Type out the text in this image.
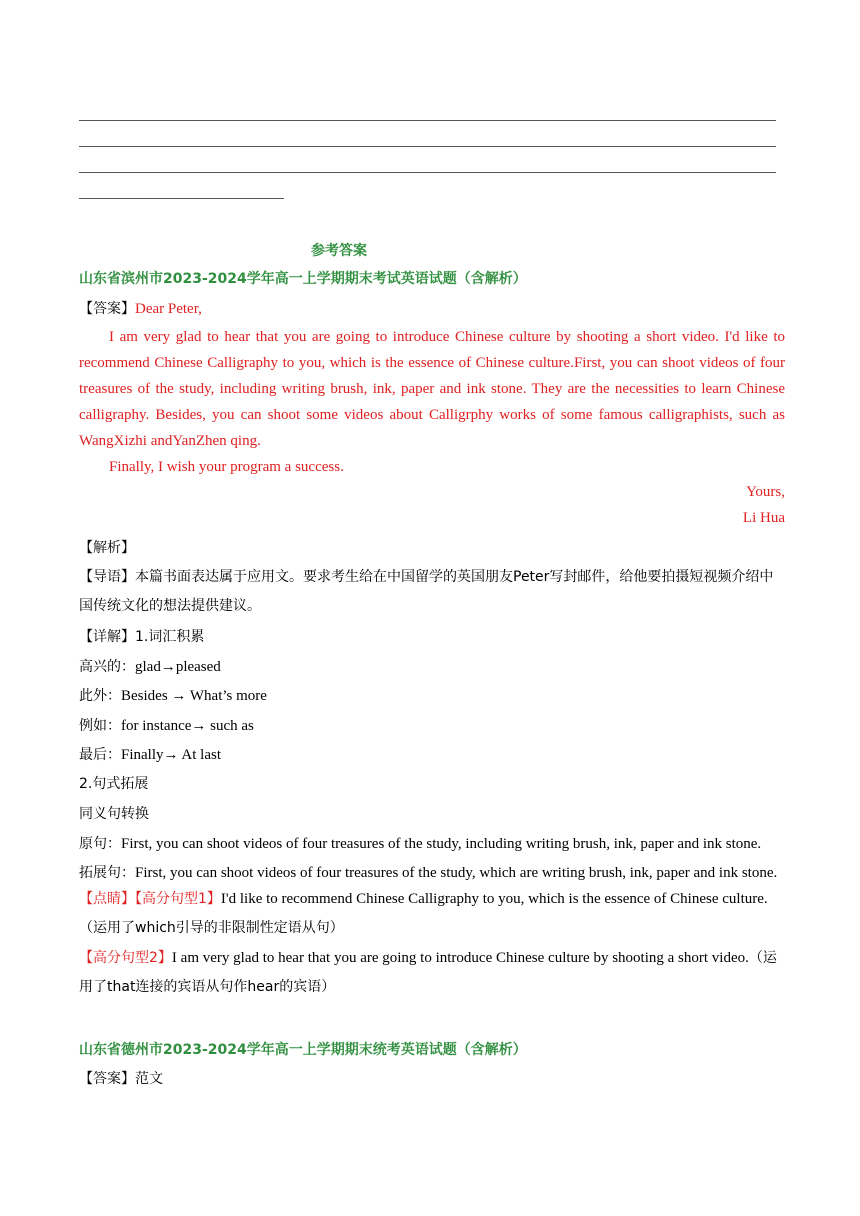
参考答案
山东省滨州市2023-2024学年高一上学期期末考试英语试题（含解析）
【答案】Dear Peter,
I am very glad to hear that you are going to introduce Chinese culture by shooting a short video. I'd like to recommend Chinese Calligraphy to you, which is the essence of Chinese culture.First, you can shoot videos of four treasures of the study, including writing brush, ink, paper and ink stone. They are the necessities to learn Chinese calligraphy. Besides, you can shoot some videos about Calligrphy works of some famous calligraphists, such as WangXizhi andYanZhen qing.
Finally, I wish your program a success.
Yours,
Li Hua
【解析】
【导语】本篇书面表达属于应用文。要求考生给在中国留学的英国朋友Peter写封邮件，给他要拍摄短视频介绍中国传统文化的想法提供建议。
【详解】1.词汇积累
高兴的：glad→pleased
此外：Besides → What’s more
例如：for instance→ such as
最后：Finally→ At last
2.句式拓展
同义句转换
原句：First, you can shoot videos of four treasures of the study, including writing brush, ink, paper and ink stone.
拓展句：First, you can shoot videos of four treasures of the study, which are writing brush, ink, paper and ink stone.
【点睛】【高分句型1】I'd like to recommend Chinese Calligraphy to you, which is the essence of Chinese culture.
（运用了which引导的非限制性定语从句）
【高分句型2】I am very glad to hear that you are going to introduce Chinese culture by shooting a short video.（运用了that连接的宾语从句作hear的宾语）
山东省德州市2023-2024学年高一上学期期末统考英语试题（含解析）
【答案】范文
